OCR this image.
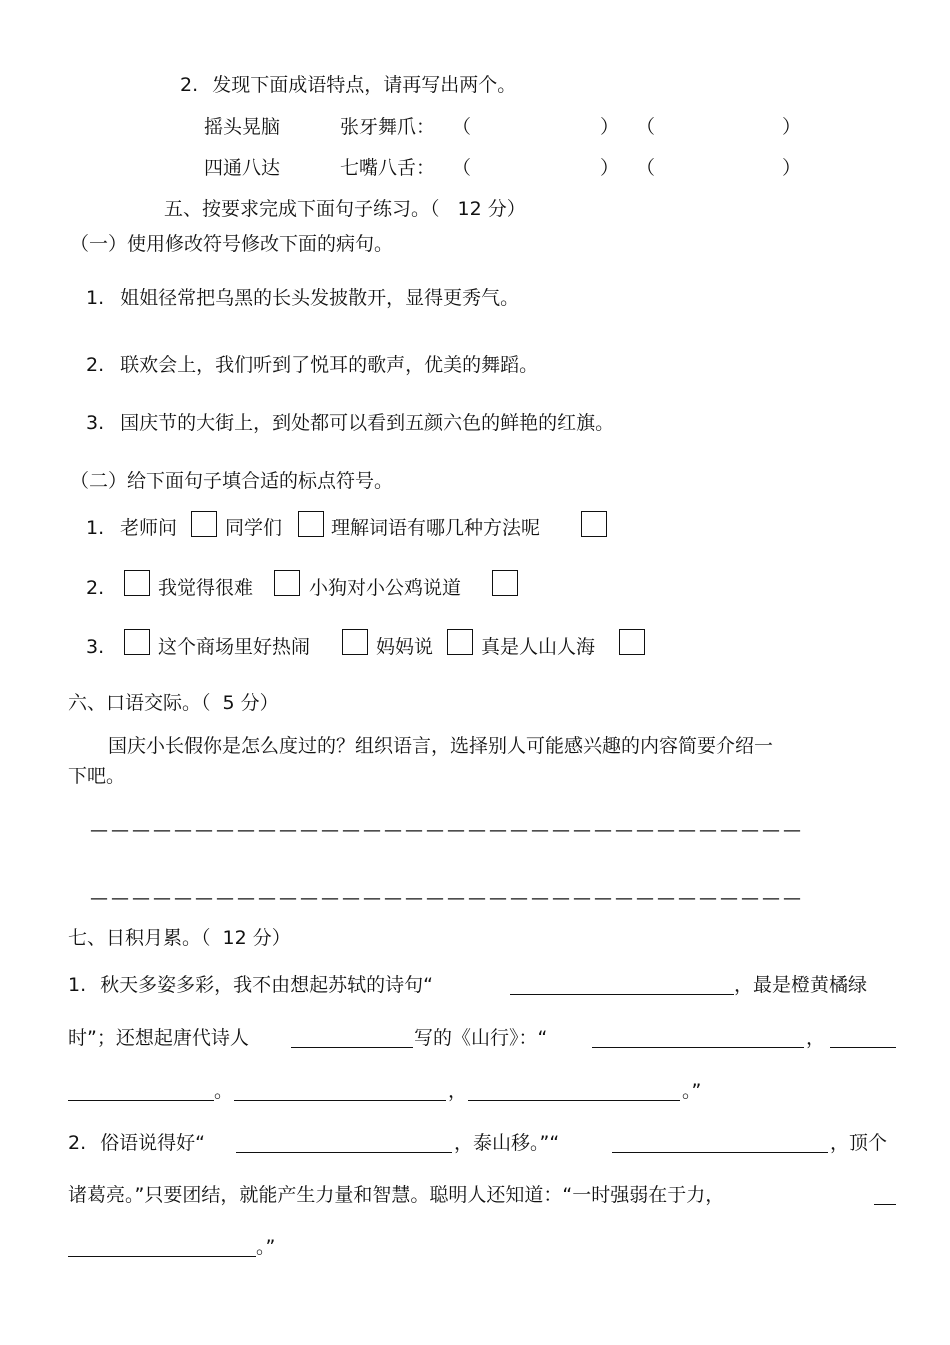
2. 发现下面成语特点，请再写出两个。
摇头晃脑	张牙舞爪： （	） （	）
四通八达	七嘴八舌： （	） （	）
五、按要求完成下面句子练习。（ 12 分）
（一）使用修改符号修改下面的病句。
1. 姐姐径常把乌黑的长头发披散开，显得更秀气。
2. 联欢会上，我们听到了悦耳的歌声，优美的舞蹈。
3. 国庆节的大街上，到处都可以看到五颜六色的鲜艳的红旗。
（二）给下面句子填合适的标点符号。
1. 老师问	同学们	理解词语有哪几种方法呢
2.	我觉得很难	小狗对小公鸡说道
3.	这个商场里好热闹	妈妈说	真是人山人海
六、口语交际。（ 5 分）
国庆小长假你是怎么度过的？组织语言，选择别人可能感兴趣的内容简要介绍一
下吧。
——————————————————————————————————
——————————————————————————————————
七、日积月累。（ 12 分）
1. 秋天多姿多彩，我不由想起苏轼的诗句“	，最是橙黄橘绿
时”；还想起唐代诗人	写的《山行》：“	，
。	，	。”
2. 俗语说得好“	，泰山移。”“	，顶个
诸葛亮。”只要团结，就能产生力量和智慧。聪明人还知道：“一时强弱在于力，
。”
